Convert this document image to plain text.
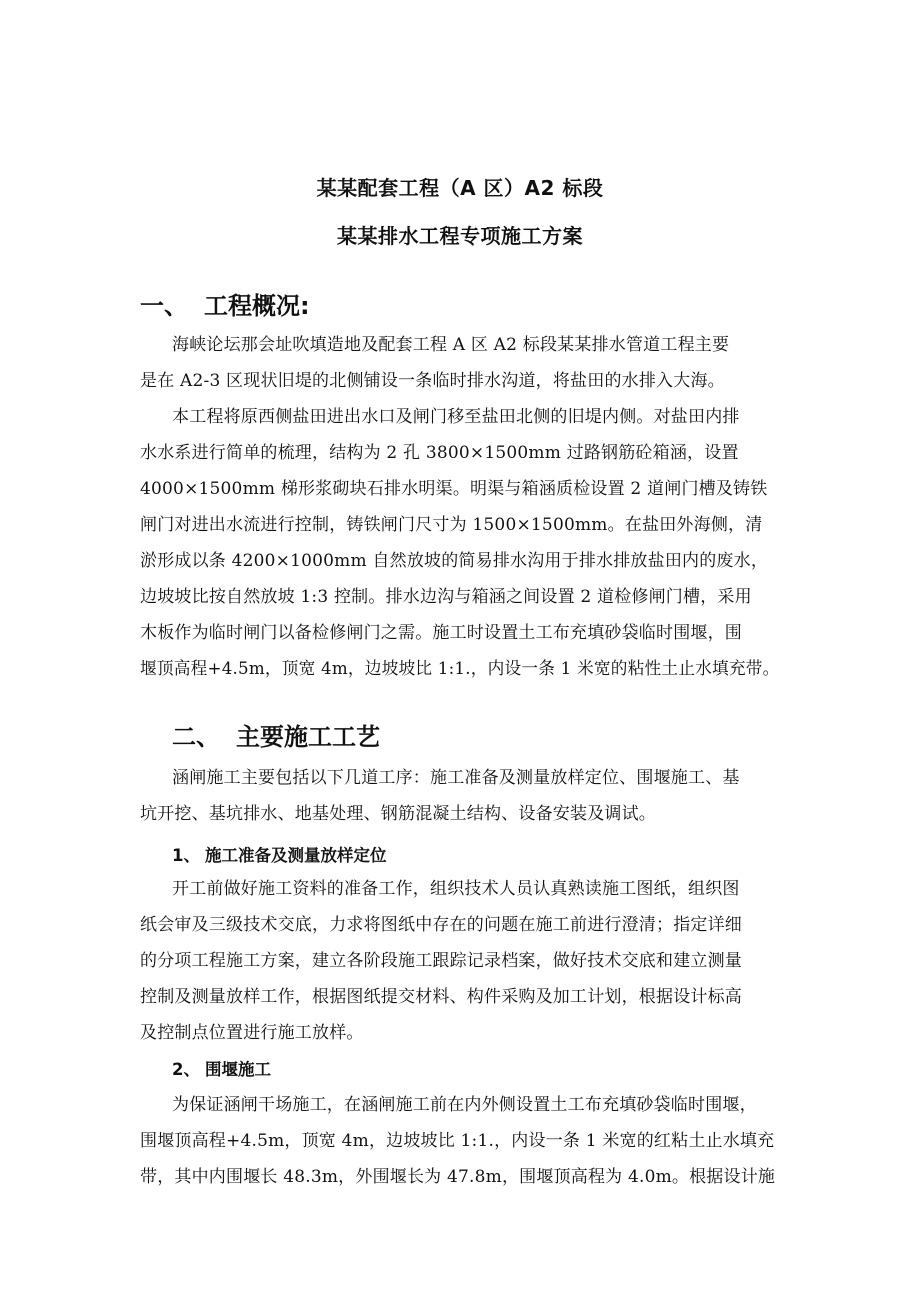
某某配套工程（A 区）A2 标段
某某排水工程专项施工方案
一、 工程概况:
海峡论坛那会址吹填造地及配套工程 A 区 A2 标段某某排水管道工程主要
是在 A2-3 区现状旧堤的北侧铺设一条临时排水沟道，将盐田的水排入大海。
本工程将原西侧盐田进出水口及闸门移至盐田北侧的旧堤内侧。对盐田内排
水水系进行简单的梳理，结构为 2 孔 3800×1500mm 过路钢筋砼箱涵，设置
4000×1500mm 梯形浆砌块石排水明渠。明渠与箱涵质检设置 2 道闸门槽及铸铁
闸门对进出水流进行控制，铸铁闸门尺寸为 1500×1500mm。在盐田外海侧，清
淤形成以条 4200×1000mm 自然放坡的简易排水沟用于排水排放盐田内的废水，
边坡坡比按自然放坡 1:3 控制。排水边沟与箱涵之间设置 2 道检修闸门槽，采用
木板作为临时闸门以备检修闸门之需。施工时设置土工布充填砂袋临时围堰，围
堰顶高程+4.5m，顶宽 4m，边坡坡比 1:1.，内设一条 1 米宽的粘性土止水填充带。
二、 主要施工工艺
涵闸施工主要包括以下几道工序：施工准备及测量放样定位、围堰施工、基
坑开挖、基坑排水、地基处理、钢筋混凝土结构、设备安装及调试。
1、 施工准备及测量放样定位
开工前做好施工资料的准备工作，组织技术人员认真熟读施工图纸，组织图
纸会审及三级技术交底，力求将图纸中存在的问题在施工前进行澄清；指定详细
的分项工程施工方案，建立各阶段施工跟踪记录档案，做好技术交底和建立测量
控制及测量放样工作，根据图纸提交材料、构件采购及加工计划，根据设计标高
及控制点位置进行施工放样。
2、 围堰施工
为保证涵闸干场施工，在涵闸施工前在内外侧设置土工布充填砂袋临时围堰，
围堰顶高程+4.5m，顶宽 4m，边坡坡比 1:1.，内设一条 1 米宽的红粘土止水填充
带，其中内围堰长 48.3m，外围堰长为 47.8m，围堰顶高程为 4.0m。根据设计施
